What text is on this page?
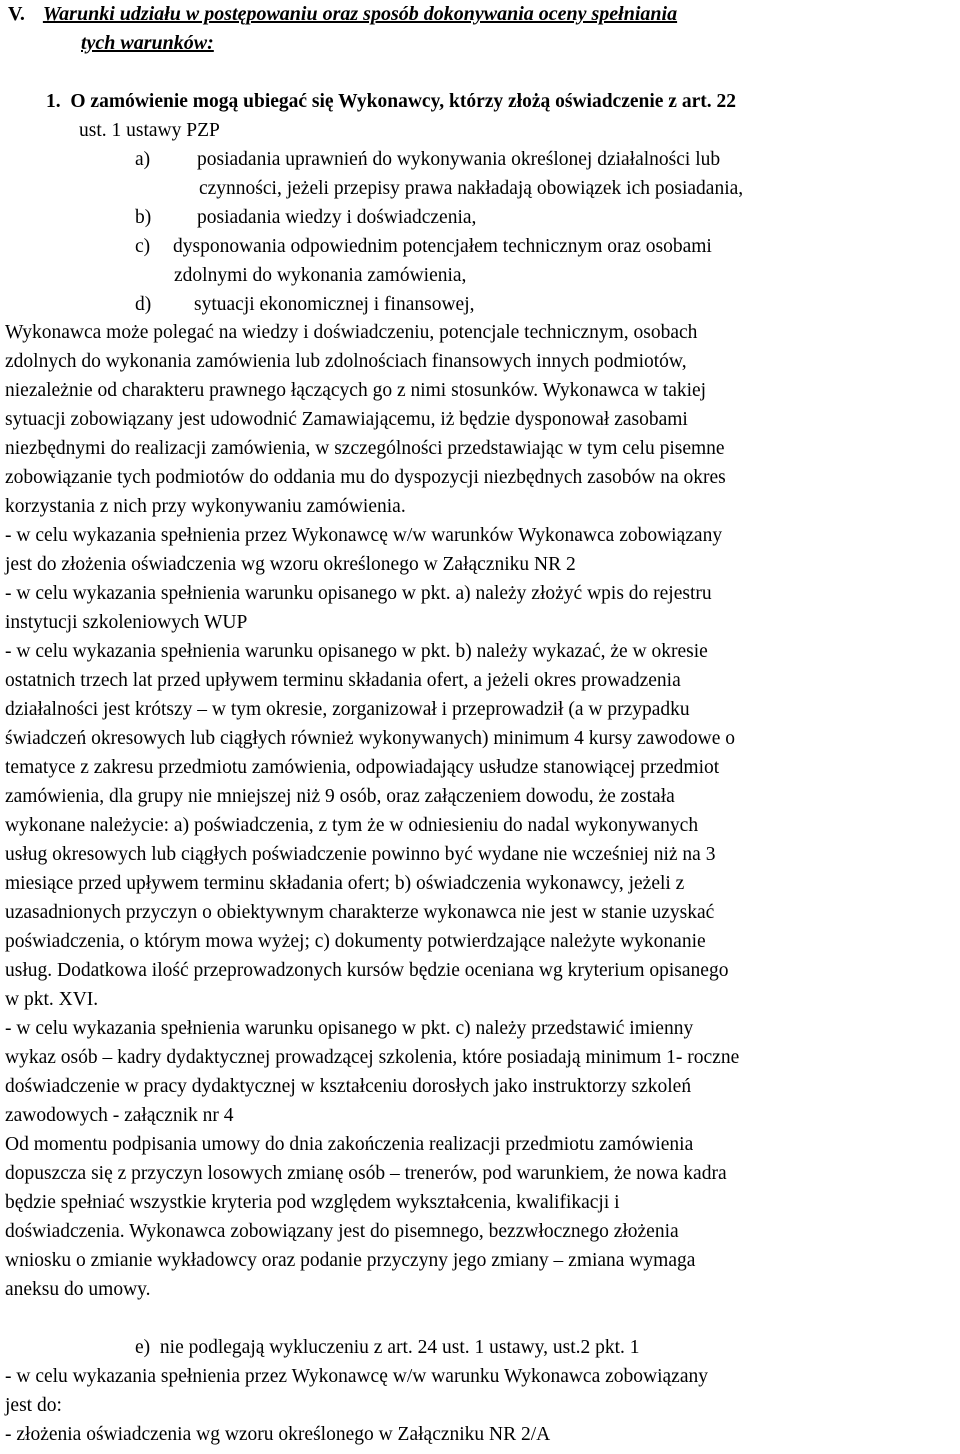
V. Warunki udziału w postępowaniu oraz sposób dokonywania oceny spełniania
tych warunków:
1. O zamówienie mogą ubiegać się Wykonawcy, którzy złożą oświadczenie z art. 22
ust. 1 ustawy PZP
a) posiadania uprawnień do wykonywania określonej działalności lub
czynności, jeżeli przepisy prawa nakładają obowiązek ich posiadania,
b) posiadania wiedzy i doświadczenia,
c) dysponowania odpowiednim potencjałem technicznym oraz osobami
zdolnymi do wykonania zamówienia,
d) sytuacji ekonomicznej i finansowej,
Wykonawca może polegać na wiedzy i doświadczeniu, potencjale technicznym, osobach
zdolnych do wykonania zamówienia lub zdolnościach finansowych innych podmiotów,
niezależnie od charakteru prawnego łączących go z nimi stosunków. Wykonawca w takiej
sytuacji zobowiązany jest udowodnić Zamawiającemu, iż będzie dysponował zasobami
niezbędnymi do realizacji zamówienia, w szczególności przedstawiając w tym celu pisemne
zobowiązanie tych podmiotów do oddania mu do dyspozycji niezbędnych zasobów na okres
korzystania z nich przy wykonywaniu zamówienia.
- w celu wykazania spełnienia przez Wykonawcę w/w warunków Wykonawca zobowiązany
jest do złożenia oświadczenia wg wzoru określonego w Załączniku NR 2
- w celu wykazania spełnienia warunku opisanego w pkt. a) należy złożyć wpis do rejestru
instytucji szkoleniowych WUP
- w celu wykazania spełnienia warunku opisanego w pkt. b) należy wykazać, że w okresie
ostatnich trzech lat przed upływem terminu składania ofert, a jeżeli okres prowadzenia
działalności jest krótszy – w tym okresie, zorganizował i przeprowadził (a w przypadku
świadczeń okresowych lub ciągłych również wykonywanych) minimum 4 kursy zawodowe o
tematyce z zakresu przedmiotu zamówienia, odpowiadający usłudze stanowiącej przedmiot
zamówienia, dla grupy nie mniejszej niż 9 osób, oraz załączeniem dowodu, że została
wykonane należycie: a) poświadczenia, z tym że w odniesieniu do nadal wykonywanych
usług okresowych lub ciągłych poświadczenie powinno być wydane nie wcześniej niż na 3
miesiące przed upływem terminu składania ofert; b) oświadczenia wykonawcy, jeżeli z
uzasadnionych przyczyn o obiektywnym charakterze wykonawca nie jest w stanie uzyskać
poświadczenia, o którym mowa wyżej; c) dokumenty potwierdzające należyte wykonanie
usług. Dodatkowa ilość przeprowadzonych kursów będzie oceniana wg kryterium opisanego
w pkt. XVI.
- w celu wykazania spełnienia warunku opisanego w pkt. c) należy przedstawić imienny
wykaz osób – kadry dydaktycznej prowadzącej szkolenia, które posiadają minimum 1- roczne
doświadczenie w pracy dydaktycznej w kształceniu dorosłych jako instruktorzy szkoleń
zawodowych - załącznik nr 4
Od momentu podpisania umowy do dnia zakończenia realizacji przedmiotu zamówienia
dopuszcza się z przyczyn losowych zmianę osób – trenerów, pod warunkiem, że nowa kadra
będzie spełniać wszystkie kryteria pod względem wykształcenia, kwalifikacji i
doświadczenia. Wykonawca zobowiązany jest do pisemnego, bezzwłocznego złożenia
wniosku o zmianie wykładowcy oraz podanie przyczyny jego zmiany – zmiana wymaga
aneksu do umowy.
e) nie podlegają wykluczeniu z art. 24 ust. 1 ustawy, ust.2 pkt. 1
- w celu wykazania spełnienia przez Wykonawcę w/w warunku Wykonawca zobowiązany
jest do:
- złożenia oświadczenia wg wzoru określonego w Załączniku NR 2/A
